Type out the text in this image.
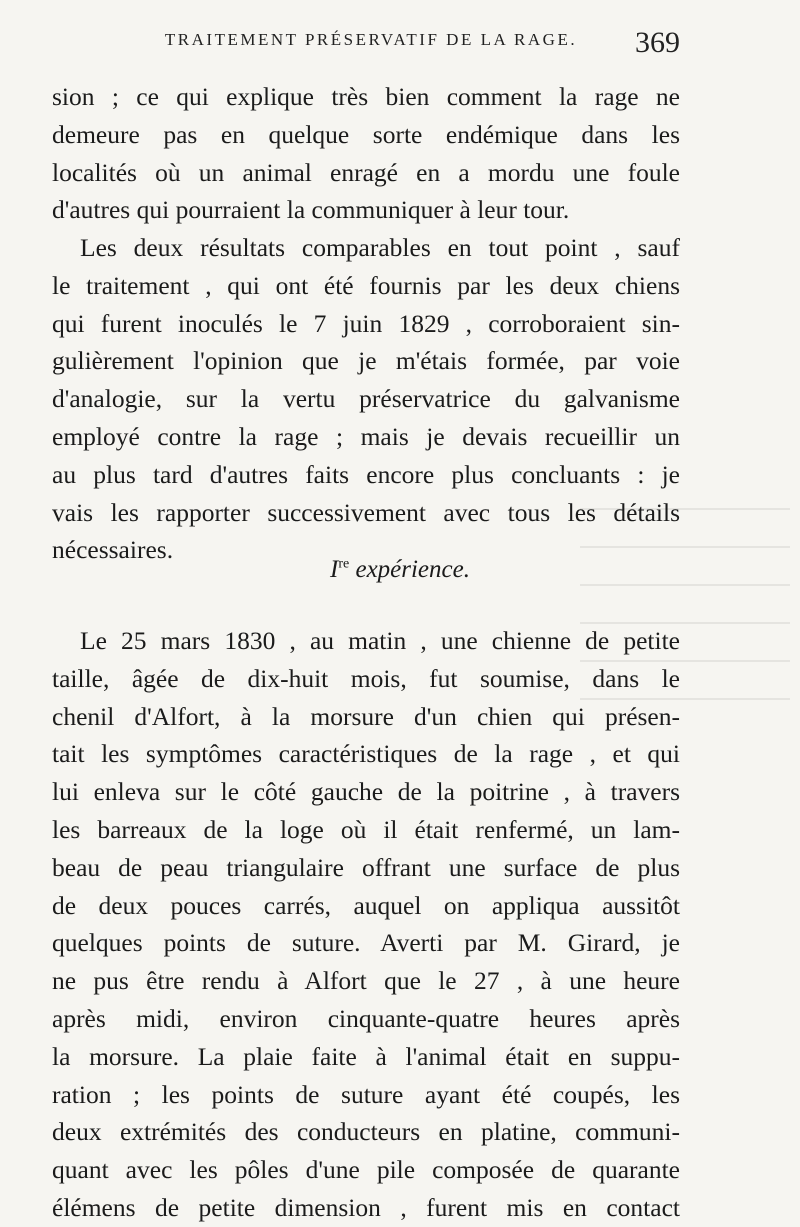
TRAITEMENT PRÉSERVATIF DE LA RAGE.	369
sion ; ce qui explique très bien comment la rage ne
demeure pas en quelque sorte endémique dans les
localités où un animal enragé en a mordu une foule
d'autres qui pourraient la communiquer à leur tour.
Les deux résultats comparables en tout point , sauf
le traitement , qui ont été fournis par les deux chiens
qui furent inoculés le 7 juin 1829 , corroboraient sin-
gulièrement l'opinion que je m'étais formée, par voie
d'analogie, sur la vertu préservatrice du galvanisme
employé contre la rage ; mais je devais recueillir un
au plus tard d'autres faits encore plus concluants : je
vais les rapporter successivement avec tous les détails
nécessaires.
Ire expérience.
Le 25 mars 1830 , au matin , une chienne de petite
taille, âgée de dix-huit mois, fut soumise, dans le
chenil d'Alfort, à la morsure d'un chien qui présen-
tait les symptômes caractéristiques de la rage , et qui
lui enleva sur le côté gauche de la poitrine , à travers
les barreaux de la loge où il était renfermé, un lam-
beau de peau triangulaire offrant une surface de plus
de deux pouces carrés, auquel on appliqua aussitôt
quelques points de suture. Averti par M. Girard, je
ne pus être rendu à Alfort que le 27 , à une heure
après midi, environ cinquante-quatre heures après
la morsure. La plaie faite à l'animal était en suppu-
ration ; les points de suture ayant été coupés, les
deux extrémités des conducteurs en platine, communi-
quant avec les pôles d'une pile composée de quarante
élémens de petite dimension , furent mis en contact
